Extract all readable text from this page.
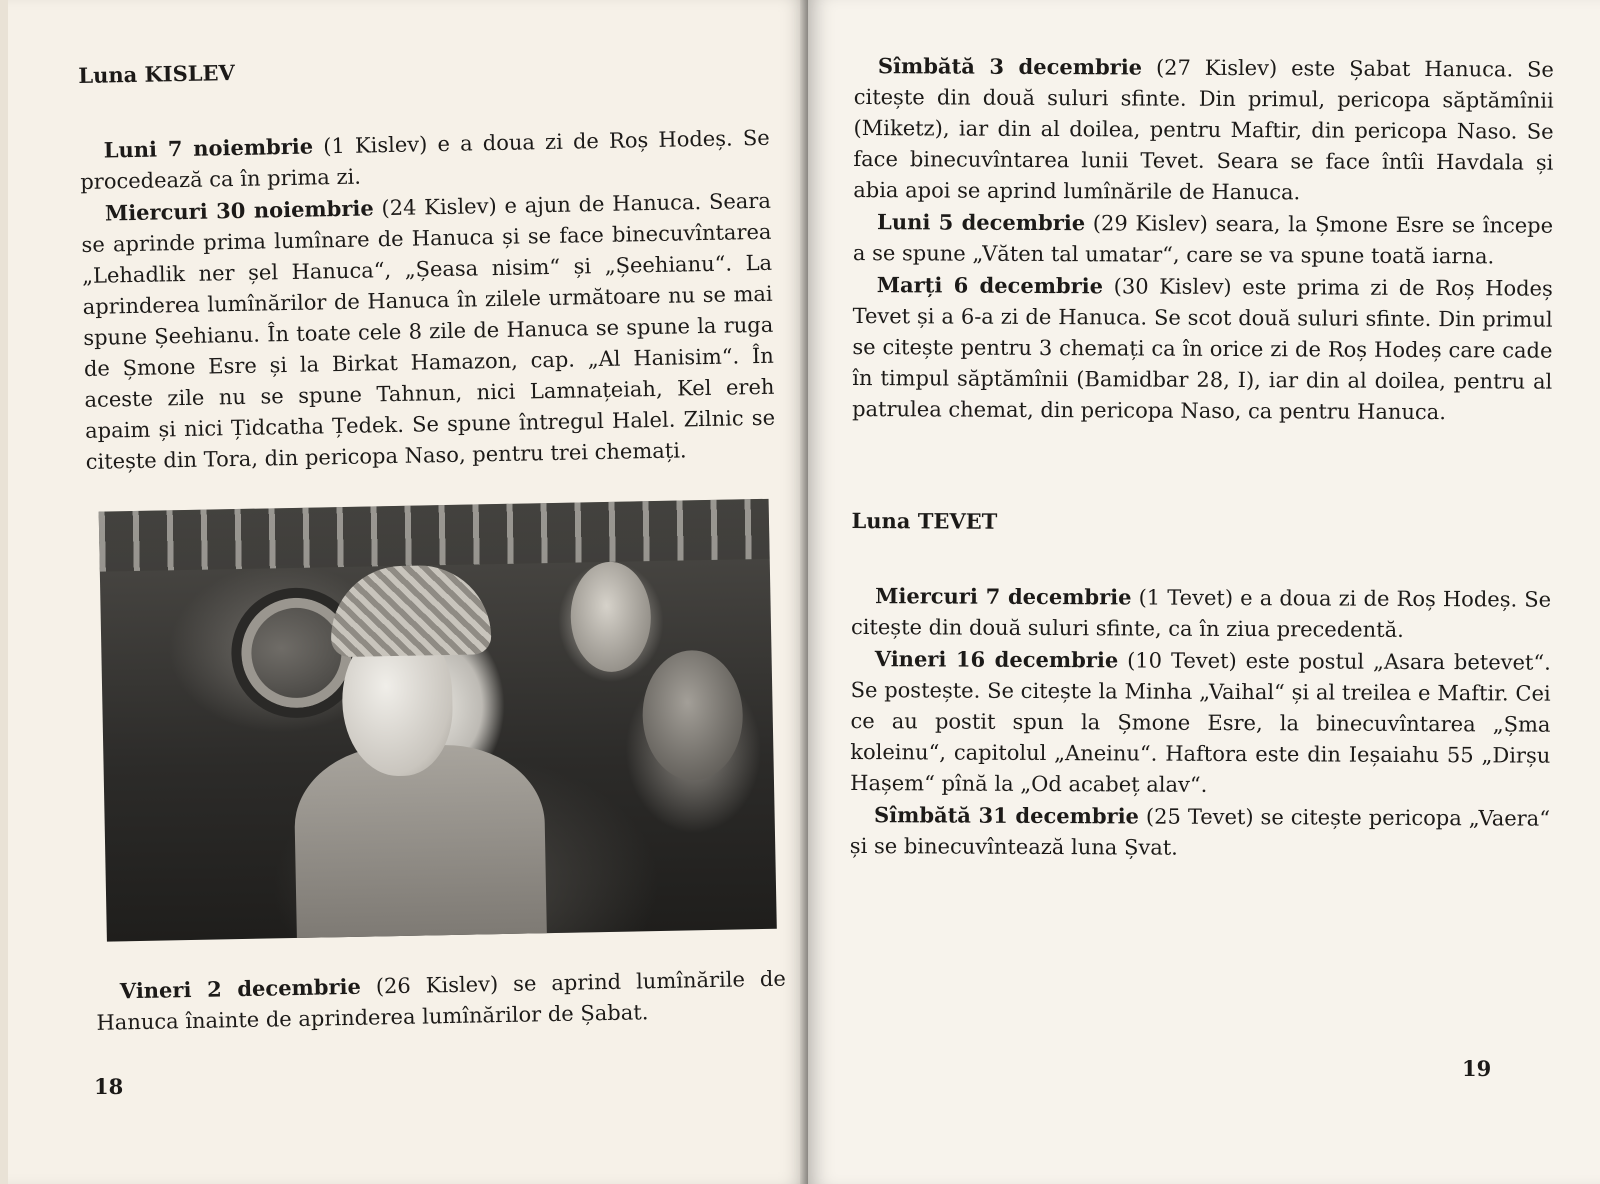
Luna KISLEV

Luni 7 noiembrie (1 Kislev) e a doua zi de Roș Hodeș. Se procedează ca în prima zi.

Miercuri 30 noiembrie (24 Kislev) e ajun de Hanuca. Seara se aprinde prima lumînare de Hanuca și se face binecuvîntarea „Lehadlik ner șel Hanuca“, „Șeasa nisim“ și „Șeehianu“. La aprinderea lumînărilor de Hanuca în zilele următoare nu se mai spune Șeehianu. În toate cele 8 zile de Hanuca se spune la ruga de Șmone Esre și la Birkat Hamazon, cap. „Al Hanisim“. În aceste zile nu se spune Tahnun, nici Lamnațeiah, Kel ereh apaim și nici Țidcatha Țedek. Se spune întregul Halel. Zilnic se citește din Tora, din pericopa Naso, pentru trei chemați.

Vineri 2 decembrie (26 Kislev) se aprind lumînările de Hanuca înainte de aprinderea lumînărilor de Șabat.

18

Sîmbătă 3 decembrie (27 Kislev) este Șabat Hanuca. Se citește din două suluri sfinte. Din primul, pericopa săptămînii (Miketz), iar din al doilea, pentru Maftir, din pericopa Naso. Se face binecuvîntarea lunii Tevet. Seara se face întîi Havdala și abia apoi se aprind lumînările de Hanuca.

Luni 5 decembrie (29 Kislev) seara, la Șmone Esre se începe a se spune „Văten tal umatar“, care se va spune toată iarna.

Marți 6 decembrie (30 Kislev) este prima zi de Roș Hodeș Tevet și a 6-a zi de Hanuca. Se scot două suluri sfinte. Din primul se citește pentru 3 chemați ca în orice zi de Roș Hodeș care cade în timpul săptămînii (Bamidbar 28, I), iar din al doilea, pentru al patrulea chemat, din pericopa Naso, ca pentru Hanuca.

Luna TEVET

Miercuri 7 decembrie (1 Tevet) e a doua zi de Roș Hodeș. Se citește din două suluri sfinte, ca în ziua precedentă.

Vineri 16 decembrie (10 Tevet) este postul „Asara betevet“. Se postește. Se citește la Minha „Vaihal“ și al treilea e Maftir. Cei ce au postit spun la Șmone Esre, la binecuvîntarea „Șma koleinu“, capitolul „Aneinu“. Haftora este din Ieșaiahu 55 „Dirșu Hașem“ pînă la „Od acabeț alav“.

Sîmbătă 31 decembrie (25 Tevet) se citește pericopa „Vaera“ și se binecuvîntează luna Șvat.

19
